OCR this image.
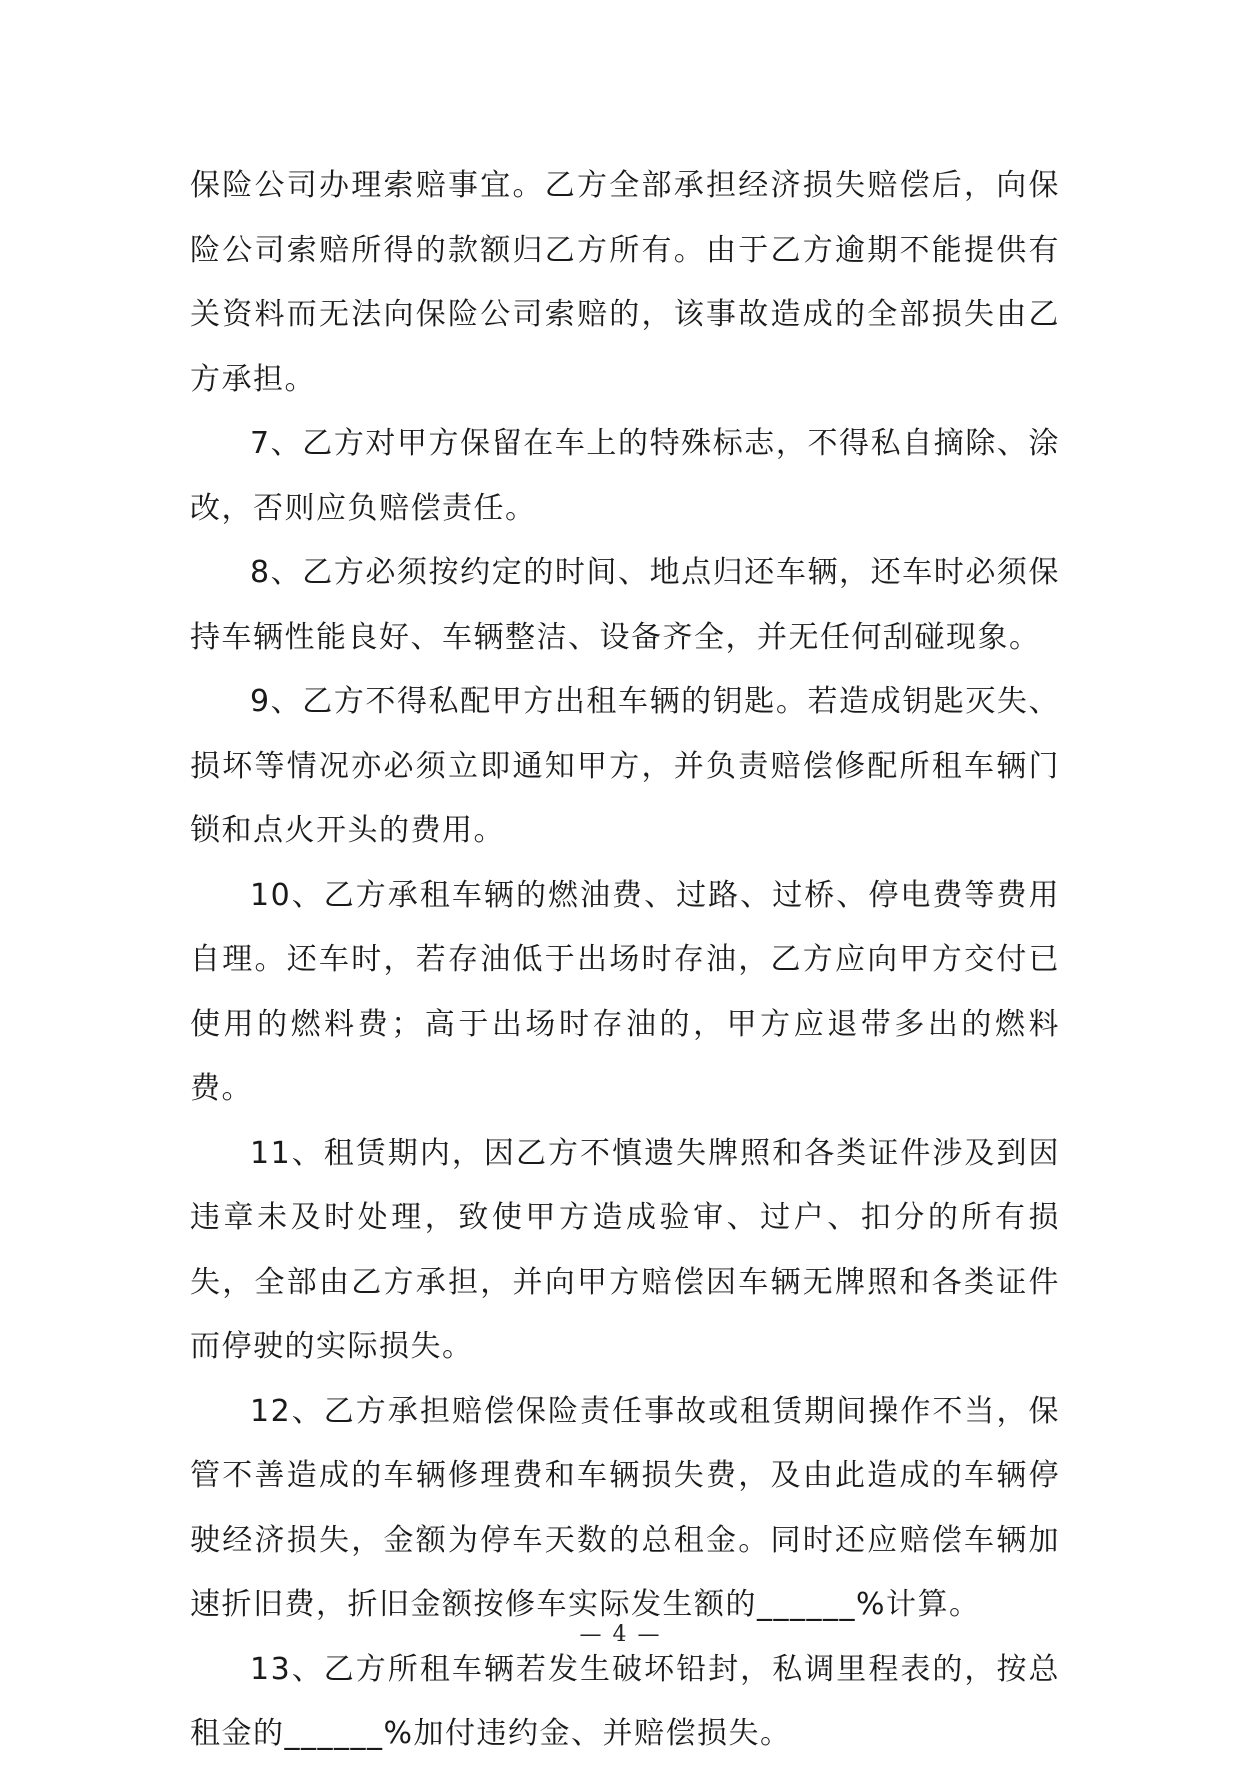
保险公司办理索赔事宜。乙方全部承担经济损失赔偿后，向保险公司索赔所得的款额归乙方所有。由于乙方逾期不能提供有关资料而无法向保险公司索赔的，该事故造成的全部损失由乙方承担。

7、乙方对甲方保留在车上的特殊标志，不得私自摘除、涂改，否则应负赔偿责任。

8、乙方必须按约定的时间、地点归还车辆，还车时必须保持车辆性能良好、车辆整洁、设备齐全，并无任何刮碰现象。

9、乙方不得私配甲方出租车辆的钥匙。若造成钥匙灭失、损坏等情况亦必须立即通知甲方，并负责赔偿修配所租车辆门锁和点火开头的费用。

10、乙方承租车辆的燃油费、过路、过桥、停电费等费用自理。还车时，若存油低于出场时存油，乙方应向甲方交付已使用的燃料费；高于出场时存油的，甲方应退带多出的燃料费。

11、租赁期内，因乙方不慎遗失牌照和各类证件涉及到因违章未及时处理，致使甲方造成验审、过户、扣分的所有损失，全部由乙方承担，并向甲方赔偿因车辆无牌照和各类证件而停驶的实际损失。

12、乙方承担赔偿保险责任事故或租赁期间操作不当，保管不善造成的车辆修理费和车辆损失费，及由此造成的车辆停驶经济损失，金额为停车天数的总租金。同时还应赔偿车辆加速折旧费，折旧金额按修车实际发生额的______%计算。

13、乙方所租车辆若发生破坏铅封，私调里程表的，按总租金的______%加付违约金、并赔偿损失。

— 4 —
